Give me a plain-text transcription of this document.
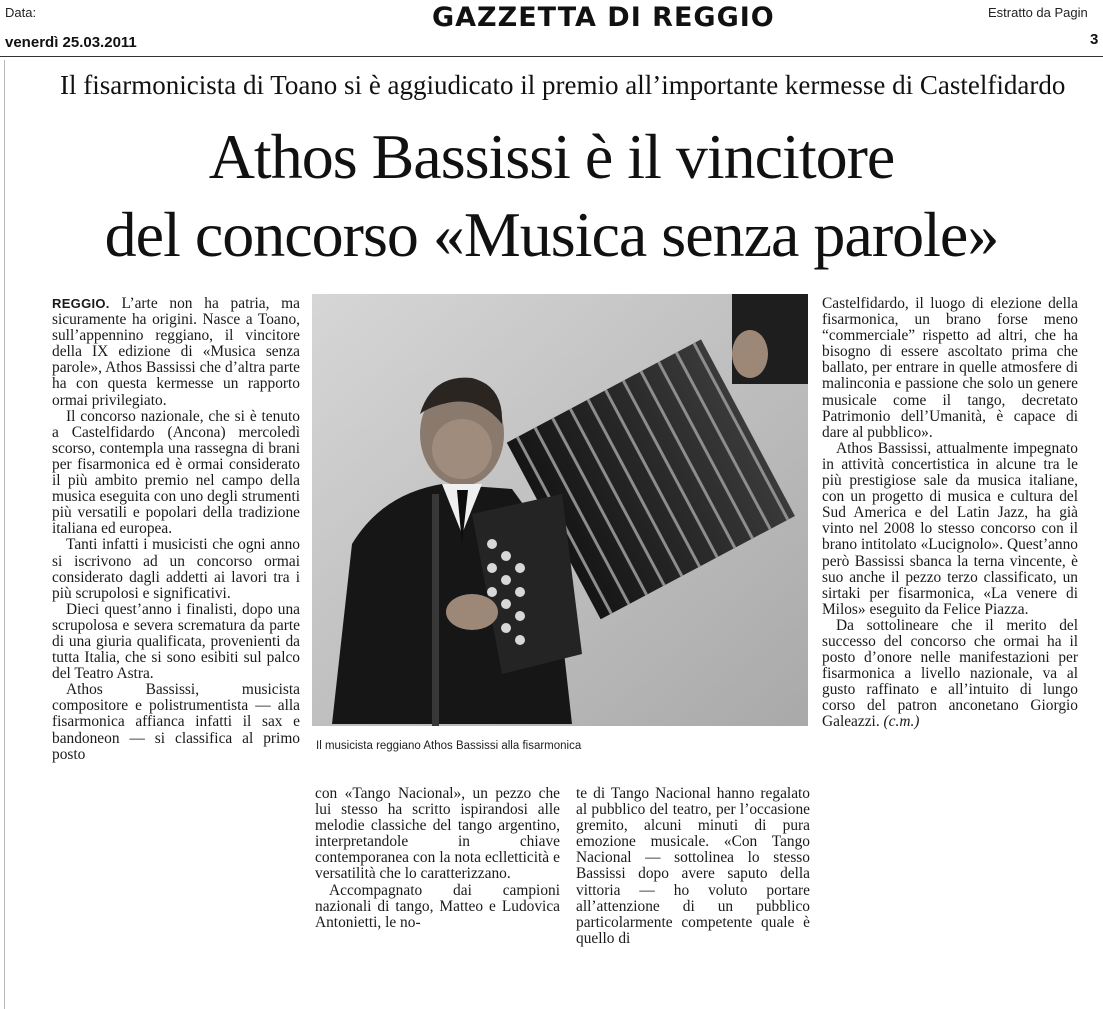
Data:
venerdì 25.03.2011
GAZZETTA DI REGGIO	Estratto da Pagin
3
Il fisarmonicista di Toano si è aggiudicato il premio all’importante kermesse di Castelfidardo
Athos Bassissi è il vincitore
del concorso «Musica senza parole»
Il musicista reggiano Athos Bassissi alla fisarmonica

REGGIO. L’arte non ha patria, ma sicuramente ha origini. Nasce a Toano, sull’appennino reggiano, il vincitore della IX edizione di «Musica senza parole», Athos Bassissi che d’altra parte ha con questa kermesse un rapporto ormai privilegiato.

Il concorso nazionale, che si è tenuto a Castelfidardo (Ancona) mercoledì scorso, contempla una rassegna di brani per fisarmonica ed è ormai considerato il più ambito premio nel campo della musica eseguita con uno degli strumenti più versatili e popolari della tradizione italiana ed europea.

Tanti infatti i musicisti che ogni anno si iscrivono ad un concorso ormai considerato dagli addetti ai lavori tra i più scrupolosi e significativi.

Dieci quest’anno i finalisti, dopo una scrupolosa e severa scrematura da parte di una giuria qualificata, provenienti da tutta Italia, che si sono esibiti sul palco del Teatro Astra.

Athos Bassissi, musicista compositore e polistrumentista — alla fisarmonica affianca infatti il sax e bandoneon — si classifica al primo posto

con «Tango Nacional», un pezzo che lui stesso ha scritto ispirandosi alle melodie classiche del tango argentino, interpretandole in chiave contemporanea con la nota eclletticità e versatilità che lo caratterizzano.

Accompagnato dai campioni nazionali di tango, Matteo e Ludovica Antonietti, le no-

te di Tango Nacional hanno regalato al pubblico del teatro, per l’occasione gremito, alcuni minuti di pura emozione musicale. «Con Tango Nacional — sottolinea lo stesso Bassissi dopo avere saputo della vittoria — ho voluto portare all’attenzione di un pubblico particolarmente competente quale è quello di

Castelfidardo, il luogo di elezione della fisarmonica, un brano forse meno “commerciale” rispetto ad altri, che ha bisogno di essere ascoltato prima che ballato, per entrare in quelle atmosfere di malinconia e passione che solo un genere musicale come il tango, decretato Patrimonio dell’Umanità, è capace di dare al pubblico».

Athos Bassissi, attualmente impegnato in attività concertistica in alcune tra le più prestigiose sale da musica italiane, con un progetto di musica e cultura del Sud America e del Latin Jazz, ha già vinto nel 2008 lo stesso concorso con il brano intitolato «Lucignolo». Quest’anno però Bassissi sbanca la terna vincente, è suo anche il pezzo terzo classificato, un sirtaki per fisarmonica, «La venere di Milos» eseguito da Felice Piazza.

Da sottolineare che il merito del successo del concorso che ormai ha il posto d’onore nelle manifestazioni per fisarmonica a livello nazionale, va al gusto raffinato e all’intuito di lungo corso del patron anconetano Giorgio Galeazzi. (c.m.)
